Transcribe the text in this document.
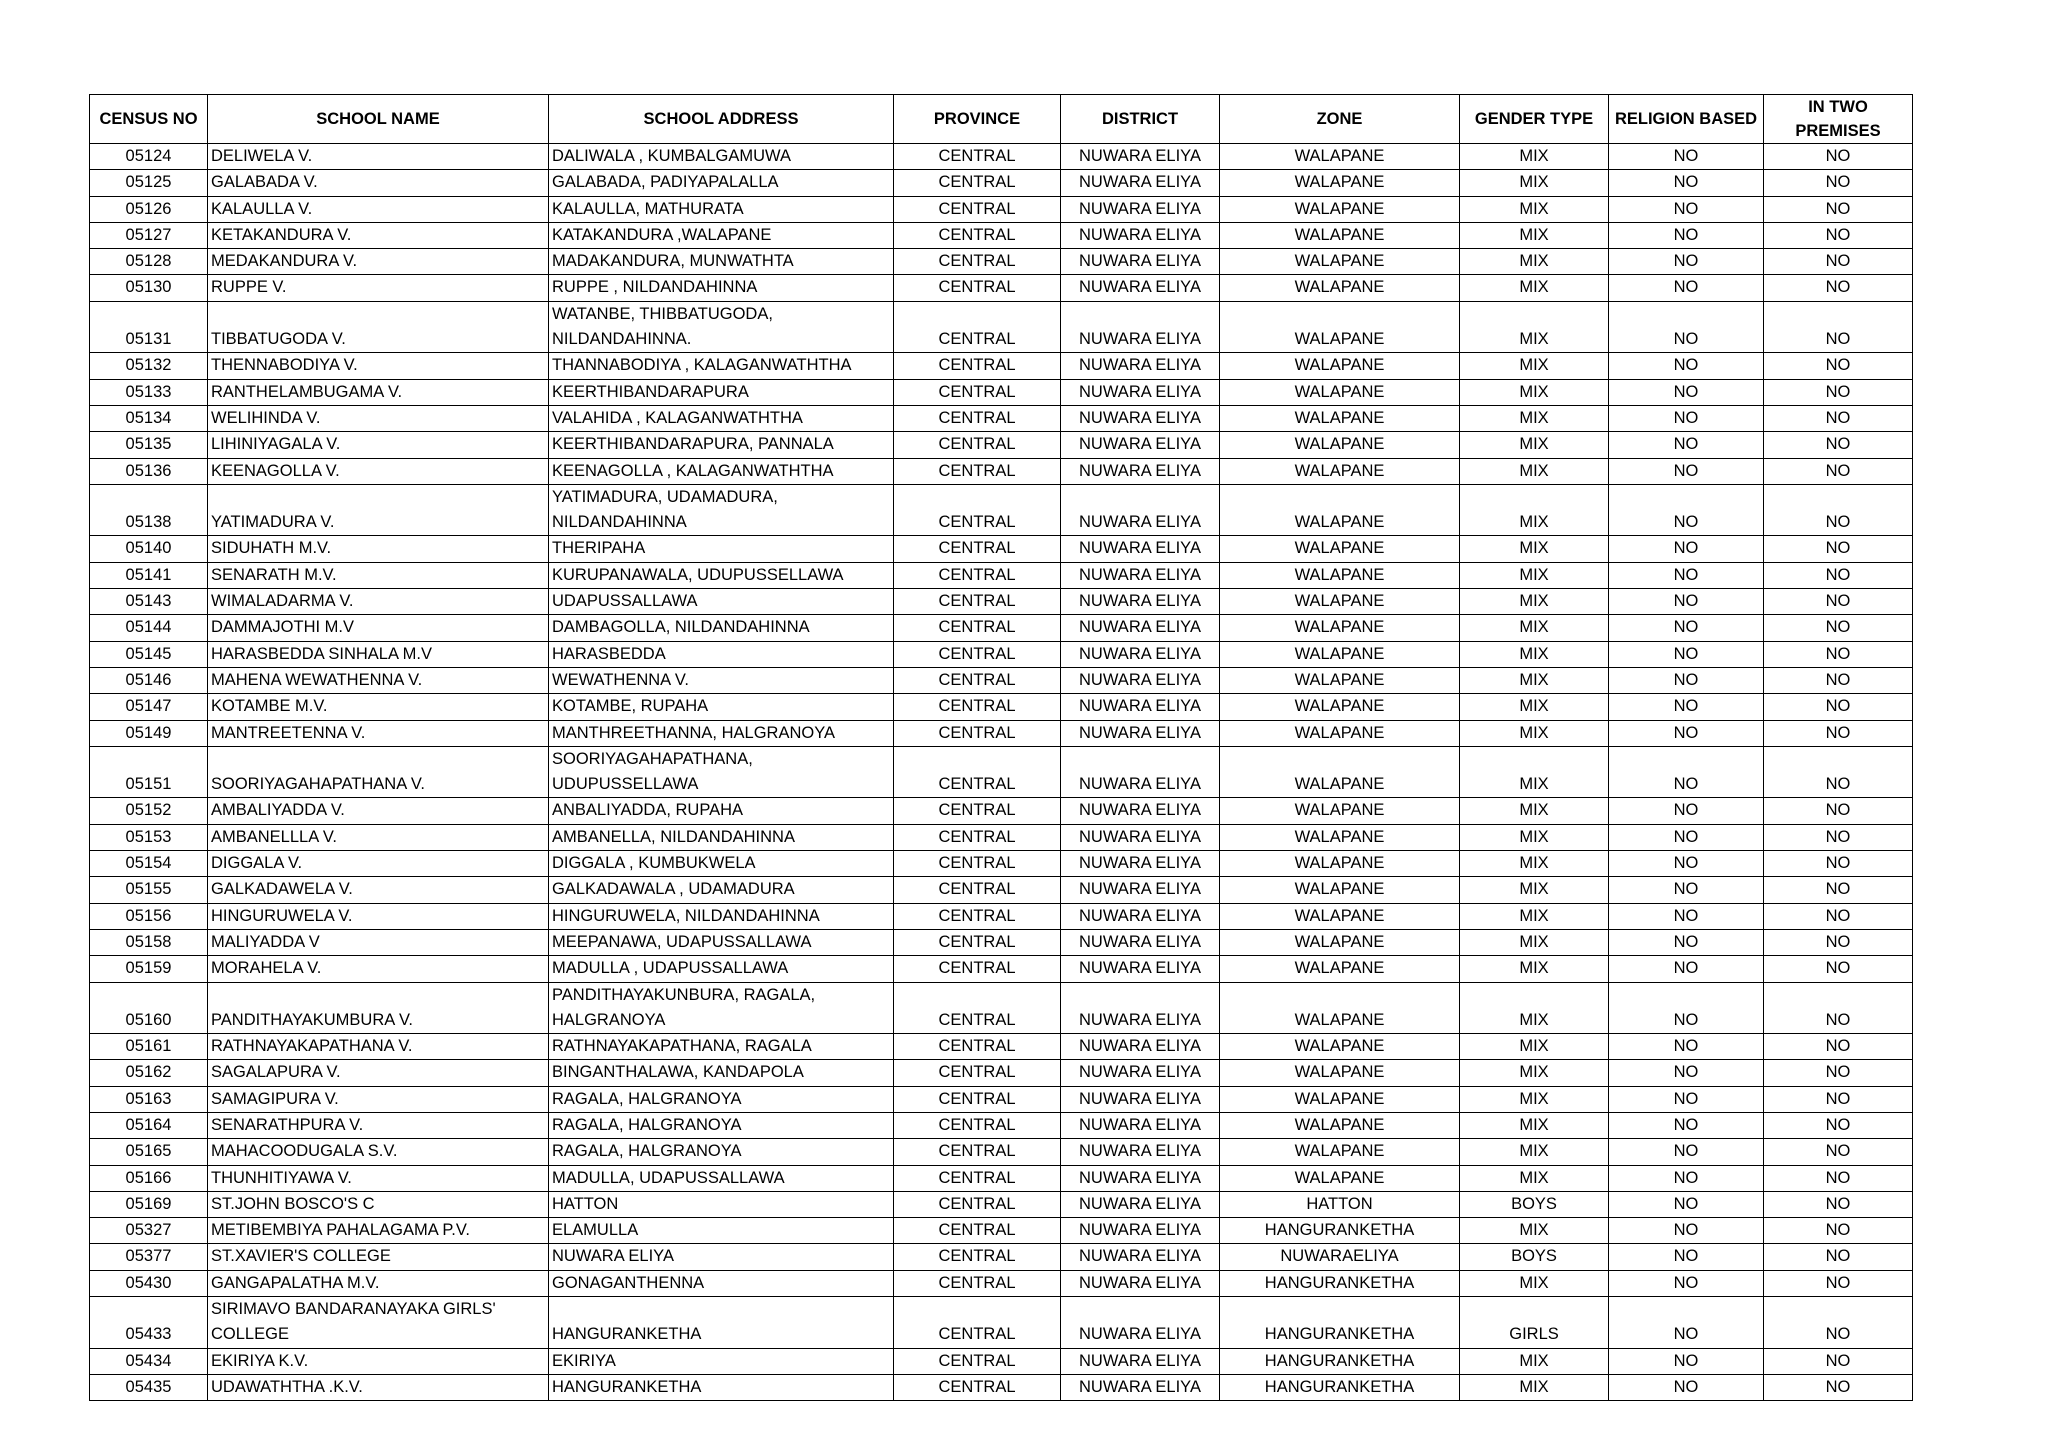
CENSUS NO	SCHOOL NAME	SCHOOL ADDRESS	PROVINCE	DISTRICT	ZONE	GENDER TYPE	RELIGION BASED	IN TWO PREMISES
05124	DELIWELA V.	DALIWALA , KUMBALGAMUWA	CENTRAL	NUWARA ELIYA	WALAPANE	MIX	NO	NO
05125	GALABADA V.	GALABADA, PADIYAPALALLA	CENTRAL	NUWARA ELIYA	WALAPANE	MIX	NO	NO
05126	KALAULLA V.	KALAULLA, MATHURATA	CENTRAL	NUWARA ELIYA	WALAPANE	MIX	NO	NO
05127	KETAKANDURA V.	KATAKANDURA ,WALAPANE	CENTRAL	NUWARA ELIYA	WALAPANE	MIX	NO	NO
05128	MEDAKANDURA V.	MADAKANDURA, MUNWATHTA	CENTRAL	NUWARA ELIYA	WALAPANE	MIX	NO	NO
05130	RUPPE V.	RUPPE , NILDANDAHINNA	CENTRAL	NUWARA ELIYA	WALAPANE	MIX	NO	NO
05131	TIBBATUGODA V.	WATANBE, THIBBATUGODA, NILDANDAHINNA.	CENTRAL	NUWARA ELIYA	WALAPANE	MIX	NO	NO
05132	THENNABODIYA V.	THANNABODIYA , KALAGANWATHTHA	CENTRAL	NUWARA ELIYA	WALAPANE	MIX	NO	NO
05133	RANTHELAMBUGAMA V.	KEERTHIBANDARAPURA	CENTRAL	NUWARA ELIYA	WALAPANE	MIX	NO	NO
05134	WELIHINDA V.	VALAHIDA , KALAGANWATHTHA	CENTRAL	NUWARA ELIYA	WALAPANE	MIX	NO	NO
05135	LIHINIYAGALA V.	KEERTHIBANDARAPURA, PANNALA	CENTRAL	NUWARA ELIYA	WALAPANE	MIX	NO	NO
05136	KEENAGOLLA V.	KEENAGOLLA , KALAGANWATHTHA	CENTRAL	NUWARA ELIYA	WALAPANE	MIX	NO	NO
05138	YATIMADURA V.	YATIMADURA, UDAMADURA, NILDANDAHINNA	CENTRAL	NUWARA ELIYA	WALAPANE	MIX	NO	NO
05140	SIDUHATH M.V.	THERIPAHA	CENTRAL	NUWARA ELIYA	WALAPANE	MIX	NO	NO
05141	SENARATH M.V.	KURUPANAWALA, UDUPUSSELLAWA	CENTRAL	NUWARA ELIYA	WALAPANE	MIX	NO	NO
05143	WIMALADARMA V.	UDAPUSSALLAWA	CENTRAL	NUWARA ELIYA	WALAPANE	MIX	NO	NO
05144	DAMMAJOTHI M.V	DAMBAGOLLA, NILDANDAHINNA	CENTRAL	NUWARA ELIYA	WALAPANE	MIX	NO	NO
05145	HARASBEDDA SINHALA M.V	HARASBEDDA	CENTRAL	NUWARA ELIYA	WALAPANE	MIX	NO	NO
05146	MAHENA WEWATHENNA V.	WEWATHENNA V.	CENTRAL	NUWARA ELIYA	WALAPANE	MIX	NO	NO
05147	KOTAMBE M.V.	KOTAMBE, RUPAHA	CENTRAL	NUWARA ELIYA	WALAPANE	MIX	NO	NO
05149	MANTREETENNA V.	MANTHREETHANNA, HALGRANOYA	CENTRAL	NUWARA ELIYA	WALAPANE	MIX	NO	NO
05151	SOORIYAGAHAPATHANA V.	SOORIYAGAHAPATHANA, UDUPUSSELLAWA	CENTRAL	NUWARA ELIYA	WALAPANE	MIX	NO	NO
05152	AMBALIYADDA V.	ANBALIYADDA, RUPAHA	CENTRAL	NUWARA ELIYA	WALAPANE	MIX	NO	NO
05153	AMBANELLLA V.	AMBANELLA, NILDANDAHINNA	CENTRAL	NUWARA ELIYA	WALAPANE	MIX	NO	NO
05154	DIGGALA V.	DIGGALA , KUMBUKWELA	CENTRAL	NUWARA ELIYA	WALAPANE	MIX	NO	NO
05155	GALKADAWELA V.	GALKADAWALA , UDAMADURA	CENTRAL	NUWARA ELIYA	WALAPANE	MIX	NO	NO
05156	HINGURUWELA V.	HINGURUWELA, NILDANDAHINNA	CENTRAL	NUWARA ELIYA	WALAPANE	MIX	NO	NO
05158	MALIYADDA V	MEEPANAWA, UDAPUSSALLAWA	CENTRAL	NUWARA ELIYA	WALAPANE	MIX	NO	NO
05159	MORAHELA V.	MADULLA , UDAPUSSALLAWA	CENTRAL	NUWARA ELIYA	WALAPANE	MIX	NO	NO
05160	PANDITHAYAKUMBURA V.	PANDITHAYAKUNBURA, RAGALA, HALGRANOYA	CENTRAL	NUWARA ELIYA	WALAPANE	MIX	NO	NO
05161	RATHNAYAKAPATHANA V.	RATHNAYAKAPATHANA, RAGALA	CENTRAL	NUWARA ELIYA	WALAPANE	MIX	NO	NO
05162	SAGALAPURA V.	BINGANTHALAWA, KANDAPOLA	CENTRAL	NUWARA ELIYA	WALAPANE	MIX	NO	NO
05163	SAMAGIPURA V.	RAGALA, HALGRANOYA	CENTRAL	NUWARA ELIYA	WALAPANE	MIX	NO	NO
05164	SENARATHPURA V.	RAGALA, HALGRANOYA	CENTRAL	NUWARA ELIYA	WALAPANE	MIX	NO	NO
05165	MAHACOODUGALA S.V.	RAGALA, HALGRANOYA	CENTRAL	NUWARA ELIYA	WALAPANE	MIX	NO	NO
05166	THUNHITIYAWA V.	MADULLA, UDAPUSSALLAWA	CENTRAL	NUWARA ELIYA	WALAPANE	MIX	NO	NO
05169	ST.JOHN BOSCO'S C	HATTON	CENTRAL	NUWARA ELIYA	HATTON	BOYS	NO	NO
05327	METIBEMBIYA PAHALAGAMA P.V.	ELAMULLA	CENTRAL	NUWARA ELIYA	HANGURANKETHA	MIX	NO	NO
05377	ST.XAVIER'S COLLEGE	NUWARA ELIYA	CENTRAL	NUWARA ELIYA	NUWARAELIYA	BOYS	NO	NO
05430	GANGAPALATHA M.V.	GONAGANTHENNA	CENTRAL	NUWARA ELIYA	HANGURANKETHA	MIX	NO	NO
05433	SIRIMAVO BANDARANAYAKA GIRLS' COLLEGE	HANGURANKETHA	CENTRAL	NUWARA ELIYA	HANGURANKETHA	GIRLS	NO	NO
05434	EKIRIYA K.V.	EKIRIYA	CENTRAL	NUWARA ELIYA	HANGURANKETHA	MIX	NO	NO
05435	UDAWATHTHA .K.V.	HANGURANKETHA	CENTRAL	NUWARA ELIYA	HANGURANKETHA	MIX	NO	NO
